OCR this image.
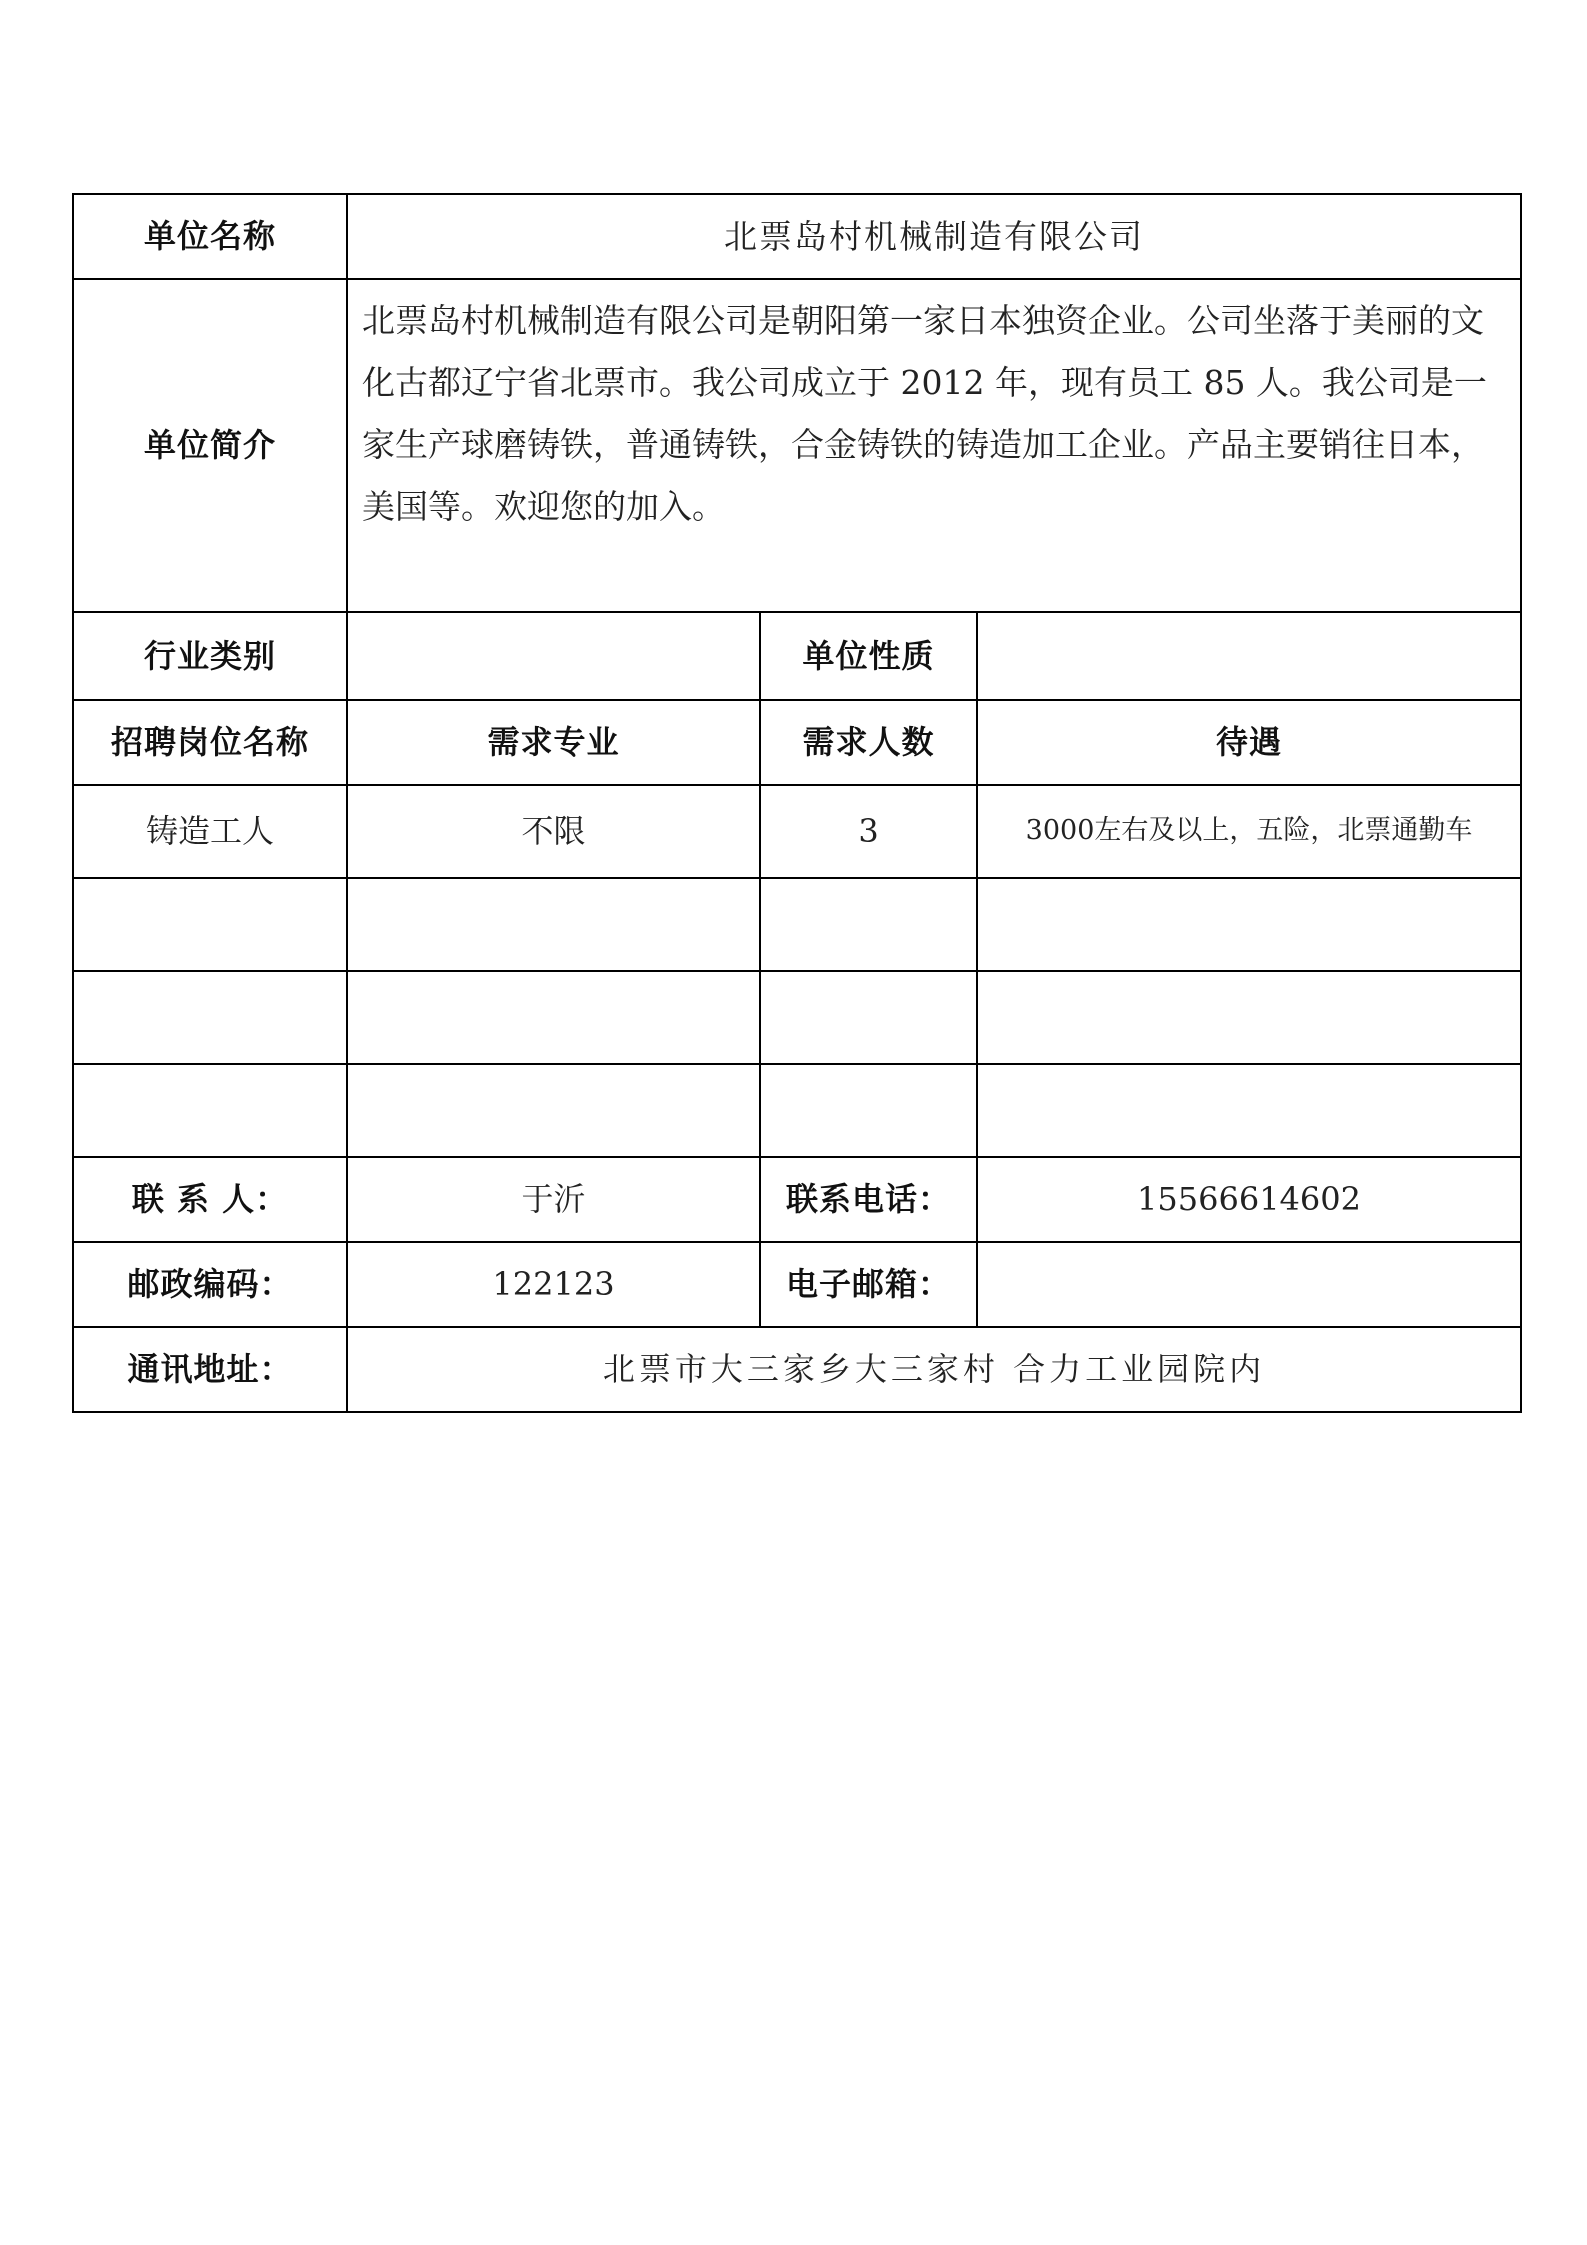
单位名称	北票岛村机械制造有限公司		
单位简介	北票岛村机械制造有限公司是朝阳第一家日本独资企业。公司坐落于美丽的文化古都辽宁省北票市。我公司成立于 2012 年，现有员工 85 人。我公司是一家生产球磨铸铁，普通铸铁，合金铸铁的铸造加工企业。产品主要销往日本，美国等。欢迎您的加入。		
行业类别		单位性质	
招聘岗位名称	需求专业	需求人数	待遇
铸造工人	不限	3	3000左右及以上，五险，北票通勤车

联 系 人：	于沂	联系电话：	15566614602
邮政编码：	122123	电子邮箱：	
通讯地址：	北票市大三家乡大三家村 合力工业园院内		
